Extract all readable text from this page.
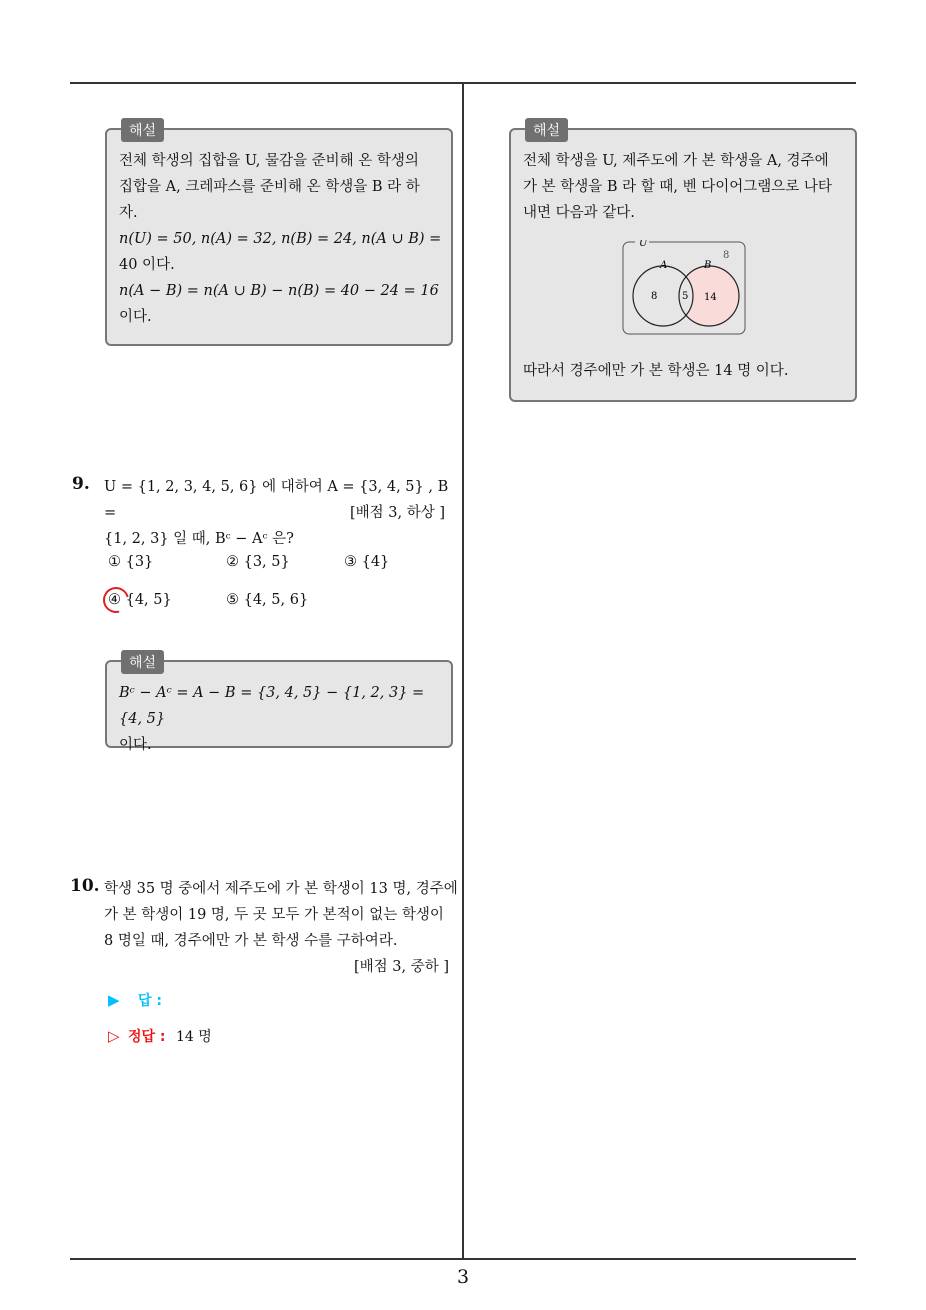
해설

전체 학생의 집합을 U, 물감을 준비해 온 학생의

집합을 A, 크레파스를 준비해 온 학생을 B 라 하

자.

n(U) = 50, n(A) = 32, n(B) = 24, n(A ∪ B) =

40 이다.

n(A − B) = n(A ∪ B) − n(B) = 40 − 24 = 16

이다.

9. U = {1, 2, 3, 4, 5, 6} 에 대하여 A = {3, 4, 5} , B =
{1, 2, 3} 일 때, Bᶜ − Aᶜ 은?
[배점 3, 하상 ]
① {3}	② {3, 5}	③ {4}
④ {4, 5}	⑤ {4, 5, 6}
해설

Bᶜ − Aᶜ = A − B = {3, 4, 5} − {1, 2, 3} = {4, 5}

이다.

10. 학생 35 명 중에서 제주도에 가 본 학생이 13 명, 경주에
가 본 학생이 19 명, 두 곳 모두 가 본적이 없는 학생이
8 명일 때, 경주에만 가 본 학생 수를 구하여라.
[배점 3, 중하 ]
▶ 답 :
▷ 정답 : 14 명
해설

전체 학생을 U, 제주도에 가 본 학생을 A, 경주에

가 본 학생을 B 라 할 때, 벤 다이어그램으로 나타

내면 다음과 같다.

U
8
A	B
8 5 14
따라서 경주에만 가 본 학생은 14 명 이다.
3
